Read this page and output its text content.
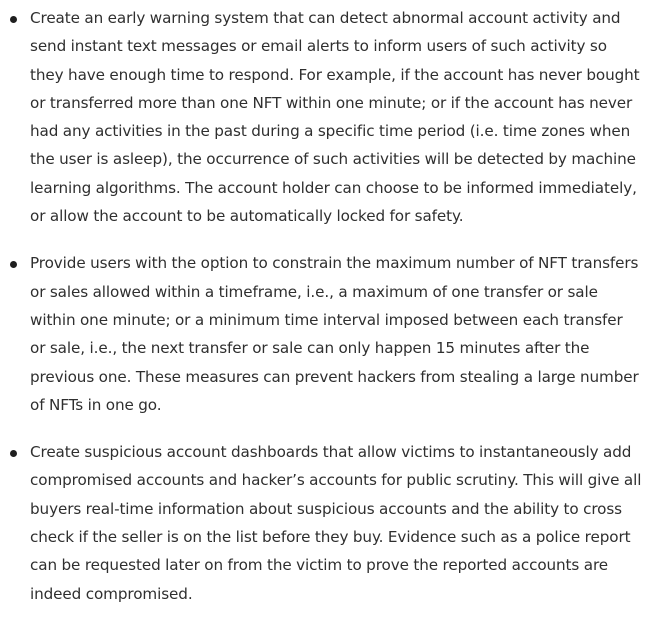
Create an early warning system that can detect abnormal account activity and send instant text messages or email alerts to inform users of such activity so they have enough time to respond. For example, if the account has never bought or transferred more than one NFT within one minute; or if the account has never had any activities in the past during a specific time period (i.e. time zones when the user is asleep), the occurrence of such activities will be detected by machine learning algorithms. The account holder can choose to be informed immediately, or allow the account to be automatically locked for safety.
Provide users with the option to constrain the maximum number of NFT transfers or sales allowed within a timeframe, i.e., a maximum of one transfer or sale within one minute; or a minimum time interval imposed between each transfer or sale, i.e., the next transfer or sale can only happen 15 minutes after the previous one. These measures can prevent hackers from stealing a large number of NFTs in one go.
Create suspicious account dashboards that allow victims to instantaneously add compromised accounts and hacker’s accounts for public scrutiny. This will give all buyers real-time information about suspicious accounts and the ability to cross check if the seller is on the list before they buy. Evidence such as a police report can be requested later on from the victim to prove the reported accounts are indeed compromised.
